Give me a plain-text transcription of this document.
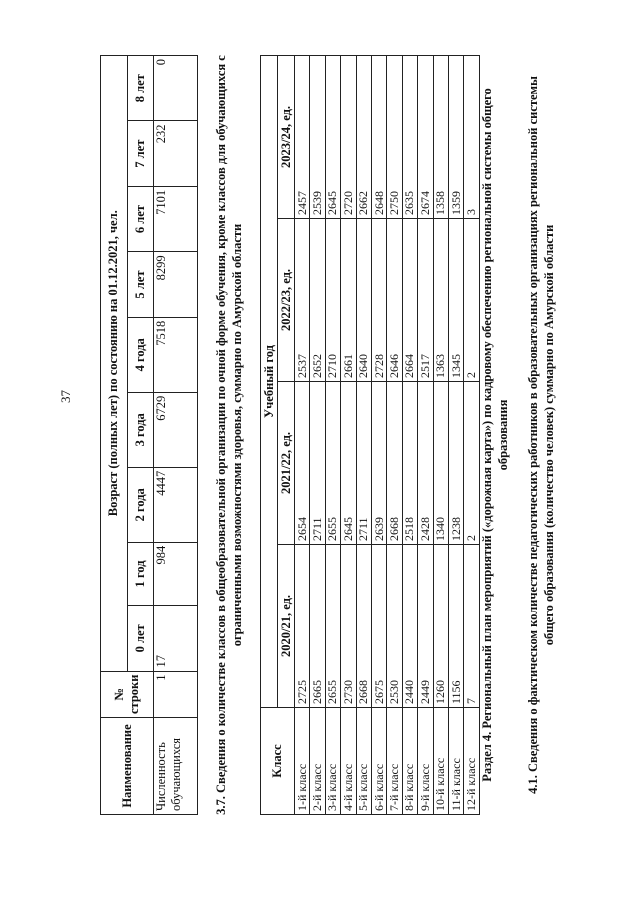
37
Наименование	№ строки	Возраст (полных лет) по состоянию на 01.12.2021, чел.								
		0 лет	1 год	2 года	3 года	4 года	5 лет	6 лет	7 лет	8 лет
Численность обучающихся	1	17	984	4447	6729	7518	8299	7101	232	0	3.7. Сведения о количестве классов в общеобразовательной организации по очной форме обучения, кроме классов для обучающихся с ограниченными возможностями здоровья, суммарно по Амурской области
Класс	Учебный год			
	2020/21, ед.	2021/22, ед.	2022/23, ед.	2023/24, ед.
1-й класс	2725	2654	2537	2457
2-й класс	2665	2711	2652	2539
3-й класс	2655	2655	2710	2645
4-й класс	2730	2645	2661	2720
5-й класс	2668	2711	2640	2662
6-й класс	2675	2639	2728	2648
7-й класс	2530	2668	2646	2750
8-й класс	2440	2518	2664	2635
9-й класс	2449	2428	2517	2674
10-й класс	1260	1340	1363	1358
11-й класс	1156	1238	1345	1359
12-й класс	7	2	2	3 Раздел 4. Региональный план мероприятий («дорожная карта») по кадровому обеспечению региональной системы общего образования 4.1. Сведения о фактическом количестве педагогических работников в образовательных организациях региональной системы общего образования (количество человек) суммарно по Амурской области
